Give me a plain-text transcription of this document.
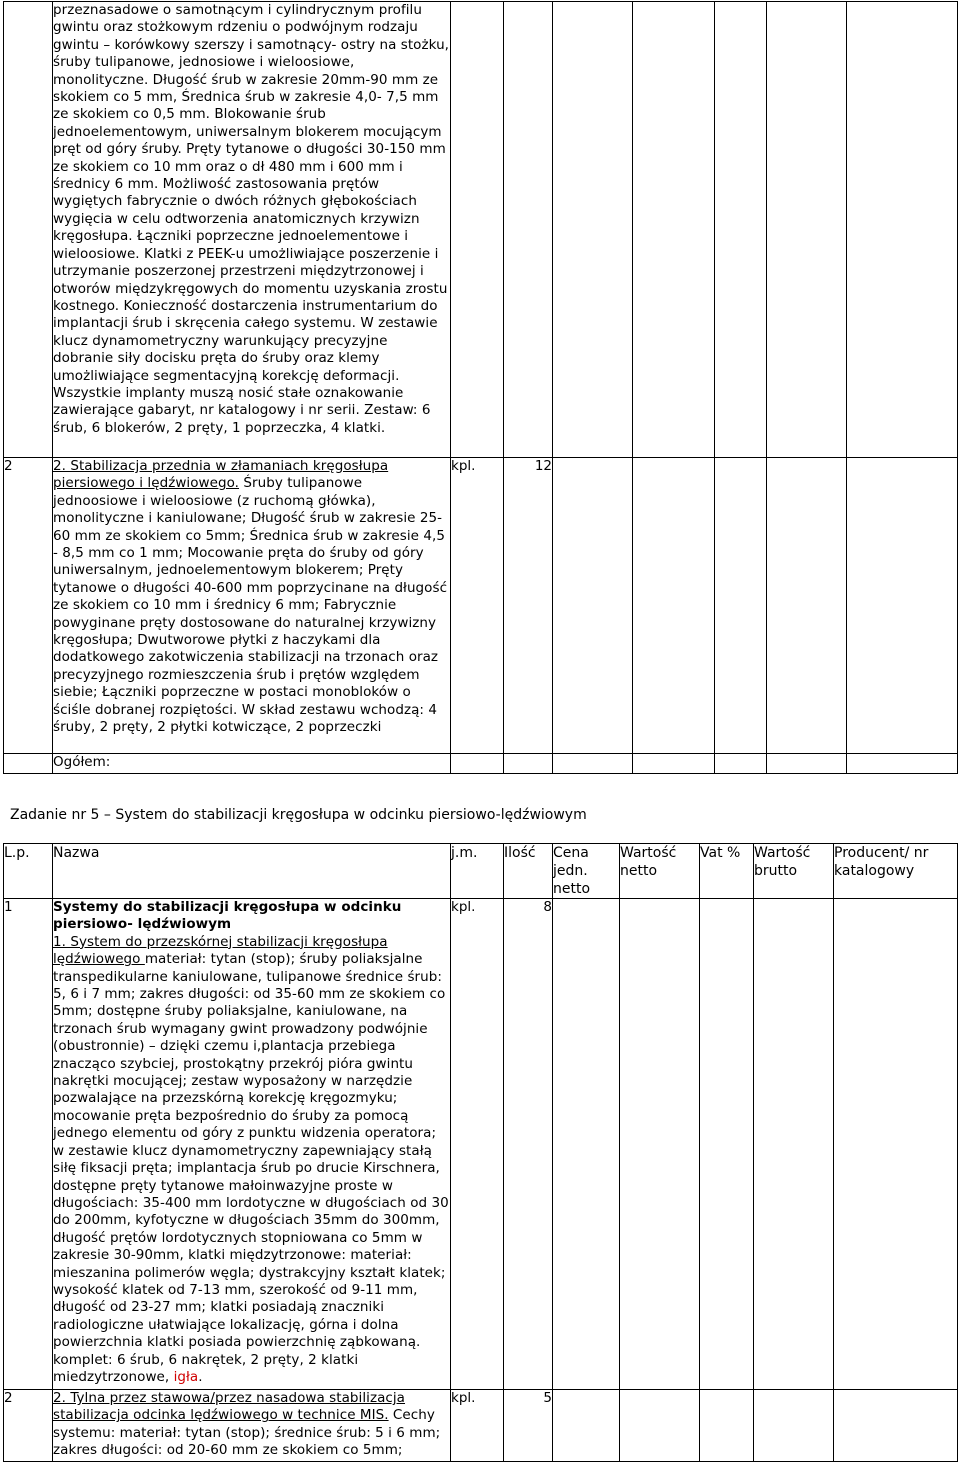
	przeznasadowe o samotnącym i cylindrycznym profilu gwintu oraz stożkowym rdzeniu o podwójnym rodzaju gwintu – korówkowy szerszy i samotnący- ostry na stożku, śruby tulipanowe, jednosiowe i wieloosiowe, monolityczne. Długość śrub w zakresie 20mm-90 mm ze skokiem co 5 mm, Średnica śrub w zakresie 4,0- 7,5 mm ze skokiem co 0,5 mm. Blokowanie śrub jednoelementowym, uniwersalnym blokerem mocującym pręt od góry śruby. Pręty tytanowe o długości 30-150 mm ze skokiem co 10 mm oraz o dł 480 mm i 600 mm i średnicy 6 mm. Możliwość zastosowania prętów wygiętych fabrycznie o dwóch różnych głębokościach wygięcia w celu odtworzenia anatomicznych krzywizn kręgosłupa. Łączniki poprzeczne jednoelementowe i wieloosiowe. Klatki z PEEK-u umożliwiające poszerzenie i utrzymanie poszerzonej przestrzeni międzytrzonowej i otworów międzykręgowych do momentu uzyskania zrostu kostnego. Konieczność dostarczenia instrumentarium do implantacji śrub i skręcenia całego systemu. W zestawie klucz dynamometryczny warunkujący precyzyjne dobranie siły docisku pręta do śruby oraz klemy umożliwiające segmentacyjną korekcję deformacji. Wszystkie implanty muszą nosić stałe oznakowanie zawierające gabaryt, nr katalogowy i nr serii. Zestaw: 6 śrub, 6 blokerów, 2 pręty, 1 poprzeczka, 4 klatki.							
2	2. Stabilizacja przednia w złamaniach kręgosłupa piersiowego i lędźwiowego. Śruby tulipanowe jednoosiowe i wieloosiowe (z ruchomą główka), monolityczne i kaniulowane; Długość śrub w zakresie 25-60 mm ze skokiem co 5mm; Średnica śrub w zakresie 4,5 - 8,5 mm co 1 mm; Mocowanie pręta do śruby od góry uniwersalnym, jednoelementowym blokerem; Pręty tytanowe o długości 40-600 mm poprzycinane na długość ze skokiem co 10 mm i średnicy 6 mm; Fabrycznie powyginane pręty dostosowane do naturalnej krzywizny kręgosłupa; Dwutworowe płytki z haczykami dla dodatkowego zakotwiczenia stabilizacji na trzonach oraz precyzyjnego rozmieszczenia śrub i prętów względem siebie; Łączniki poprzeczne w postaci monobloków o ściśle dobranej rozpiętości. W skład zestawu wchodzą: 4 śruby, 2 pręty, 2 płytki kotwiczące, 2 poprzeczki	kpl.	12					
	Ogółem:							

Zadanie nr 5 – System do stabilizacji kręgosłupa w odcinku piersiowo-lędźwiowym

L.p.	Nazwa	j.m.	Ilość	Cena jedn. netto	Wartość netto	Vat %	Wartość brutto	Producent/ nr katalogowy
1	Systemy do stabilizacji kręgosłupa w odcinku piersiowo- lędźwiowym
1. System do przezskórnej stabilizacji kręgosłupa lędźwiowego materiał: tytan (stop); śruby poliaksjalne transpedikularne kaniulowane, tulipanowe średnice śrub: 5, 6 i 7 mm; zakres długości: od 35-60 mm ze skokiem co 5mm; dostępne śruby poliaksjalne, kaniulowane, na trzonach śrub wymagany gwint prowadzony podwójnie (obustronnie) – dzięki czemu i,plantacja przebiega znacząco szybciej, prostokątny przekrój pióra gwintu nakrętki mocującej; zestaw wyposażony w narzędzie pozwalające na przezskórną korekcję kręgozmyku; mocowanie pręta bezpośrednio do śruby za pomocą jednego elementu od góry z punktu widzenia operatora; w zestawie klucz dynamometryczny zapewniający stałą siłę fiksacji pręta; implantacja śrub po drucie Kirschnera, dostępne pręty tytanowe małoinwazyjne proste w długościach: 35-400 mm lordotyczne w długościach od 30 do 200mm, kyfotyczne w długościach 35mm do 300mm, długość prętów lordotycznych stopniowana co 5mm w zakresie 30-90mm, klatki międzytrzonowe: materiał: mieszanina polimerów węgla; dystrakcyjny kształt klatek; wysokość klatek od 7-13 mm, szerokość od 9-11 mm, długość od 23-27 mm; klatki posiadają znaczniki radiologiczne ułatwiające lokalizację, górna i dolna powierzchnia klatki posiada powierzchnię ząbkowaną. komplet: 6 śrub, 6 nakrętek, 2 pręty, 2 klatki miedzytrzonowe, igła.	kpl.	8					
2	2. Tylna przez stawowa/przez nasadowa stabilizacja stabilizacja odcinka lędźwiowego w technice MIS. Cechy systemu: materiał: tytan (stop); średnice śrub: 5 i 6 mm; zakres długości: od 20-60 mm ze skokiem co 5mm;	kpl.	5					
